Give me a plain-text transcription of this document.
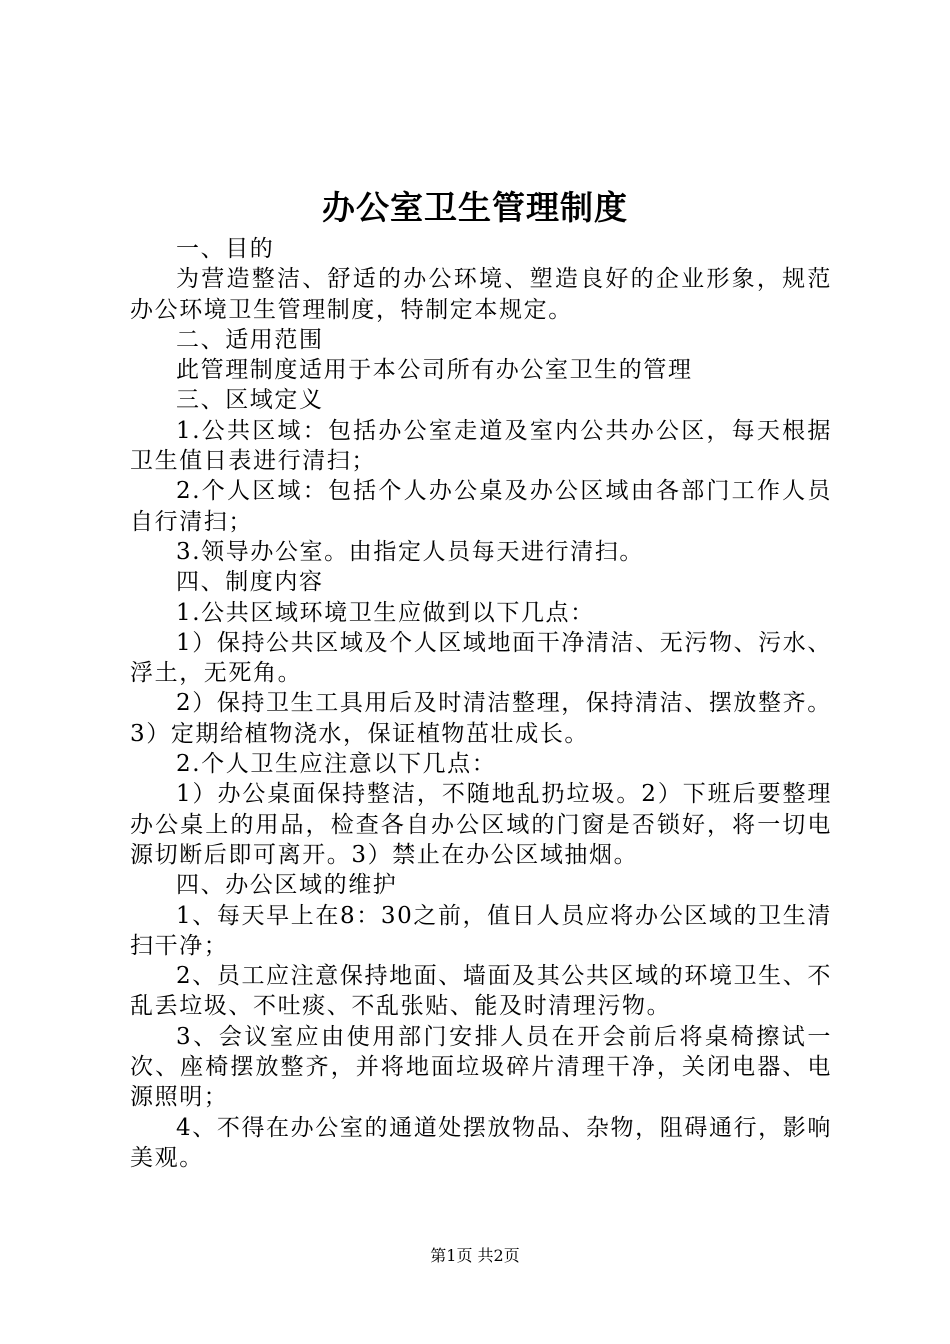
办公室卫生管理制度

一、目的

为营造整洁、舒适的办公环境、塑造良好的企业形象，规范办公环境卫生管理制度，特制定本规定。

二、适用范围

此管理制度适用于本公司所有办公室卫生的管理

三、区域定义

1.公共区域：包括办公室走道及室内公共办公区，每天根据卫生值日表进行清扫；

2.个人区域：包括个人办公桌及办公区域由各部门工作人员自行清扫；

3.领导办公室。由指定人员每天进行清扫。

四、制度内容

1.公共区域环境卫生应做到以下几点：

1）保持公共区域及个人区域地面干净清洁、无污物、污水、浮土，无死角。

2）保持卫生工具用后及时清洁整理，保持清洁、摆放整齐。

3）定期给植物浇水，保证植物茁壮成长。

2.个人卫生应注意以下几点：

1）办公桌面保持整洁，不随地乱扔垃圾。2）下班后要整理办公桌上的用品，检查各自办公区域的门窗是否锁好，将一切电源切断后即可离开。3）禁止在办公区域抽烟。

四、办公区域的维护

1、每天早上在8：30之前，值日人员应将办公区域的卫生清扫干净；

2、员工应注意保持地面、墙面及其公共区域的环境卫生、不乱丢垃圾、不吐痰、不乱张贴、能及时清理污物。

3、会议室应由使用部门安排人员在开会前后将桌椅擦试一次、座椅摆放整齐，并将地面垃圾碎片清理干净，关闭电器、电源照明；

4、不得在办公室的通道处摆放物品、杂物，阻碍通行，影响美观。

第1页 共2页
